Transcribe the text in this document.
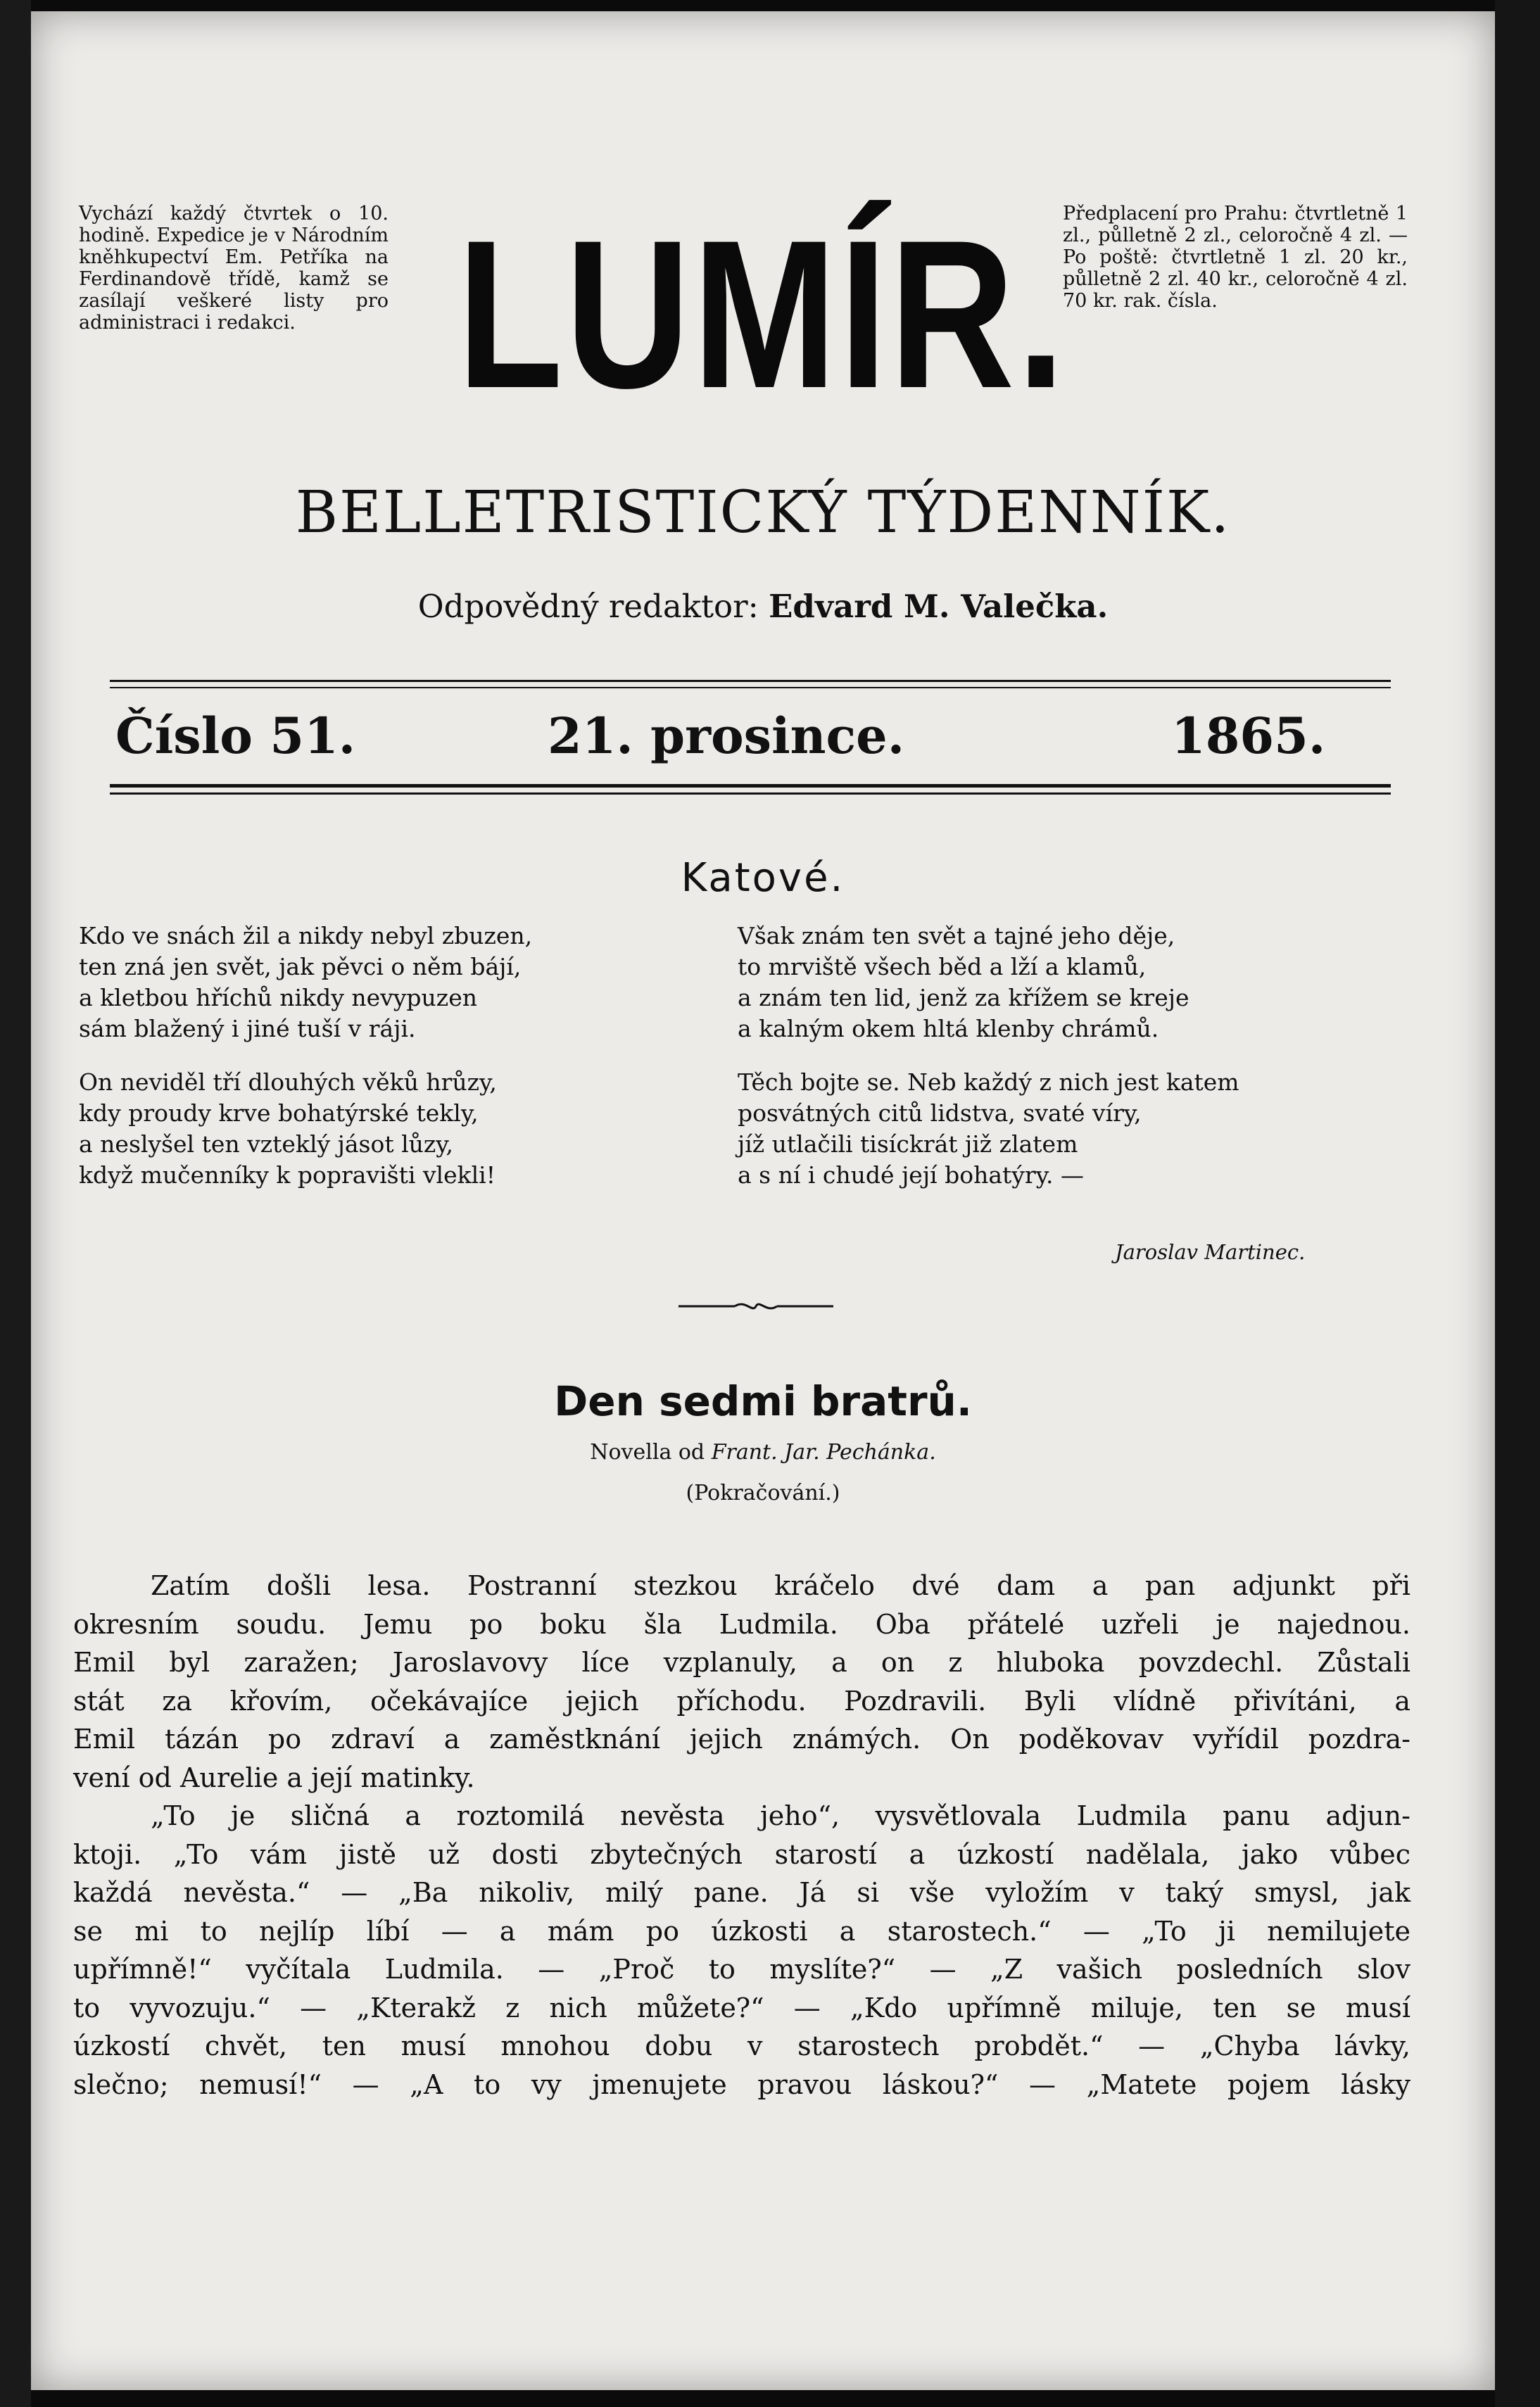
Vychází každý čtvrtek o 10. hodině. Expedice je v Národním kněhkupectví Em. Petříka na Ferdinandově třídě, kamž se zasílají veškeré listy pro administraci i redakci. LUMÍR.
Předplacení pro Prahu: čtvrtletně 1 zl., půlletně 2 zl., celoročně 4 zl. — Po poště: čtvrtletně 1 zl. 20 kr., půlletně 2 zl. 40 kr., celoročně 4 zl. 70 kr. rak. čísla.
BELLETRISTICKÝ TÝDENNÍK.
Odpovědný redaktor: Edvard M. Valečka.
Číslo 51.	21. prosince.	1865.
Katové.
Kdo ve snách žil a nikdy nebyl zbuzen,
ten zná jen svět, jak pěvci o něm bájí,
a kletbou hříchů nikdy nevypuzen
sám blažený i jiné tuší v ráji.
On neviděl tří dlouhých věků hrůzy,
kdy proudy krve bohatýrské tekly,
a neslyšel ten vzteklý jásot lůzy,
když mučenníky k popravišti vlekli!
Však znám ten svět a tajné jeho děje,
to mrviště všech běd a lží a klamů,
a znám ten lid, jenž za křížem se kreje
a kalným okem hltá klenby chrámů.
Těch bojte se. Neb každý z nich jest katem
posvátných citů lidstva, svaté víry,
jíž utlačili tisíckrát již zlatem
a s ní i chudé její bohatýry. —
Jaroslav Martinec.
Den sedmi bratrů.
Novella od Frant. Jar. Pechánka.
(Pokračování.)
Zatím došli lesa. Postranní stezkou kráčelo dvé dam a pan adjunkt při
okresním soudu. Jemu po boku šla Ludmila. Oba přátelé uzřeli je najednou.
Emil byl zaražen; Jaroslavovy líce vzplanuly, a on z hluboka povzdechl. Zůstali
stát za křovím, očekávajíce jejich příchodu. Pozdravili. Byli vlídně přivítáni, a
Emil tázán po zdraví a zaměstknání jejich známých. On poděkovav vyřídil pozdra-
vení od Aurelie a její matinky.
„To je sličná a roztomilá nevěsta jeho“, vysvětlovala Ludmila panu adjun-
ktoji. „To vám jistě už dosti zbytečných starostí a úzkostí nadělala, jako vůbec
každá nevěsta.“ — „Ba nikoliv, milý pane. Já si vše vyložím v taký smysl, jak
se mi to nejlíp líbí — a mám po úzkosti a starostech.“ — „To ji nemilujete
upřímně!“ vyčítala Ludmila. — „Proč to myslíte?“ — „Z vašich posledních slov
to vyvozuju.“ — „Kterakž z nich můžete?“ — „Kdo upřímně miluje, ten se musí
úzkostí chvět, ten musí mnohou dobu v starostech probdět.“ — „Chyba lávky,
slečno; nemusí!“ — „A to vy jmenujete pravou láskou?“ — „Matete pojem lásky
